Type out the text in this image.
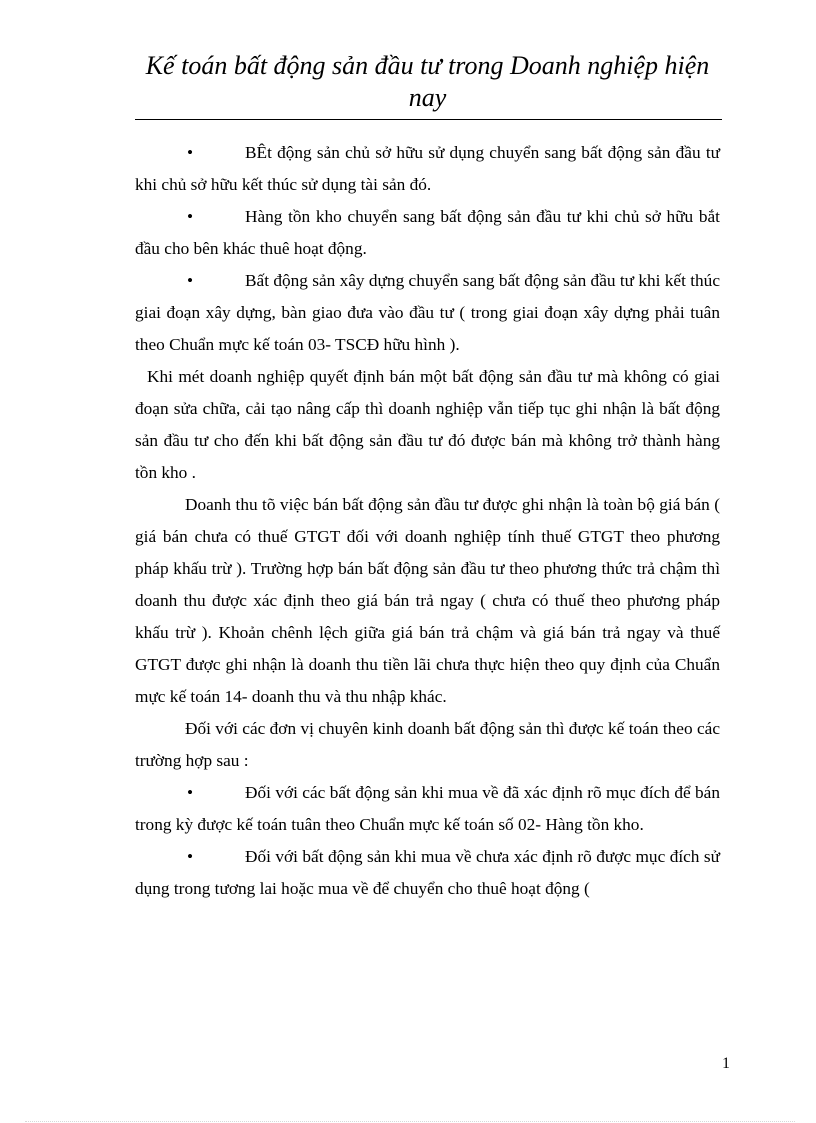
Kế toán bất động sản đầu tư trong Doanh nghiệp hiện nay

•	BÊt động sản chủ sở hữu sử dụng chuyển sang bất động sản đầu tư khi chủ sở hữu kết thúc sử dụng tài sản đó.

•	Hàng tồn kho chuyển sang bất động sản đầu tư khi chủ sở hữu bắt đầu cho bên khác thuê hoạt động.

•	Bất động sản xây dựng chuyển sang bất động sản đầu tư khi kết thúc giai đoạn xây dựng, bàn giao đưa vào đầu tư ( trong giai đoạn xây dựng phải tuân theo Chuẩn mực kế toán 03- TSCĐ hữu hình ).

Khi mét doanh nghiệp quyết định bán một bất động sản đầu tư mà không có giai đoạn sửa chữa, cải tạo nâng cấp thì doanh nghiệp vẫn tiếp tục ghi nhận là bất động sản đầu tư cho đến khi bất động sản đầu tư đó được bán mà không trở thành hàng tồn kho .

Doanh thu tõ việc bán bất động sản đầu tư được ghi nhận là toàn bộ giá bán ( giá bán chưa có thuế GTGT đối với doanh nghiệp tính thuế GTGT theo phương pháp khấu trừ ). Trường hợp bán bất động sản đầu tư theo phương thức trả chậm thì doanh thu được xác định theo giá bán trả ngay ( chưa có thuế theo phương pháp khấu trừ ). Khoản chênh lệch giữa giá bán trả chậm và giá bán trả ngay và thuế GTGT được ghi nhận là doanh thu tiền lãi chưa thực hiện theo quy định của Chuẩn mực kế toán 14- doanh thu và thu nhập khác.

Đối với các đơn vị chuyên kinh doanh bất động sản thì được kế toán theo các trường hợp sau :

•	Đối với các bất động sản khi mua về đã xác định rõ mục đích để bán trong kỳ được kế toán tuân theo Chuẩn mực kế toán số 02- Hàng tồn kho.

•	Đối với bất động sản khi mua về chưa xác định rõ được mục đích sử dụng trong tương lai hoặc mua về để chuyển cho thuê hoạt động (

1
